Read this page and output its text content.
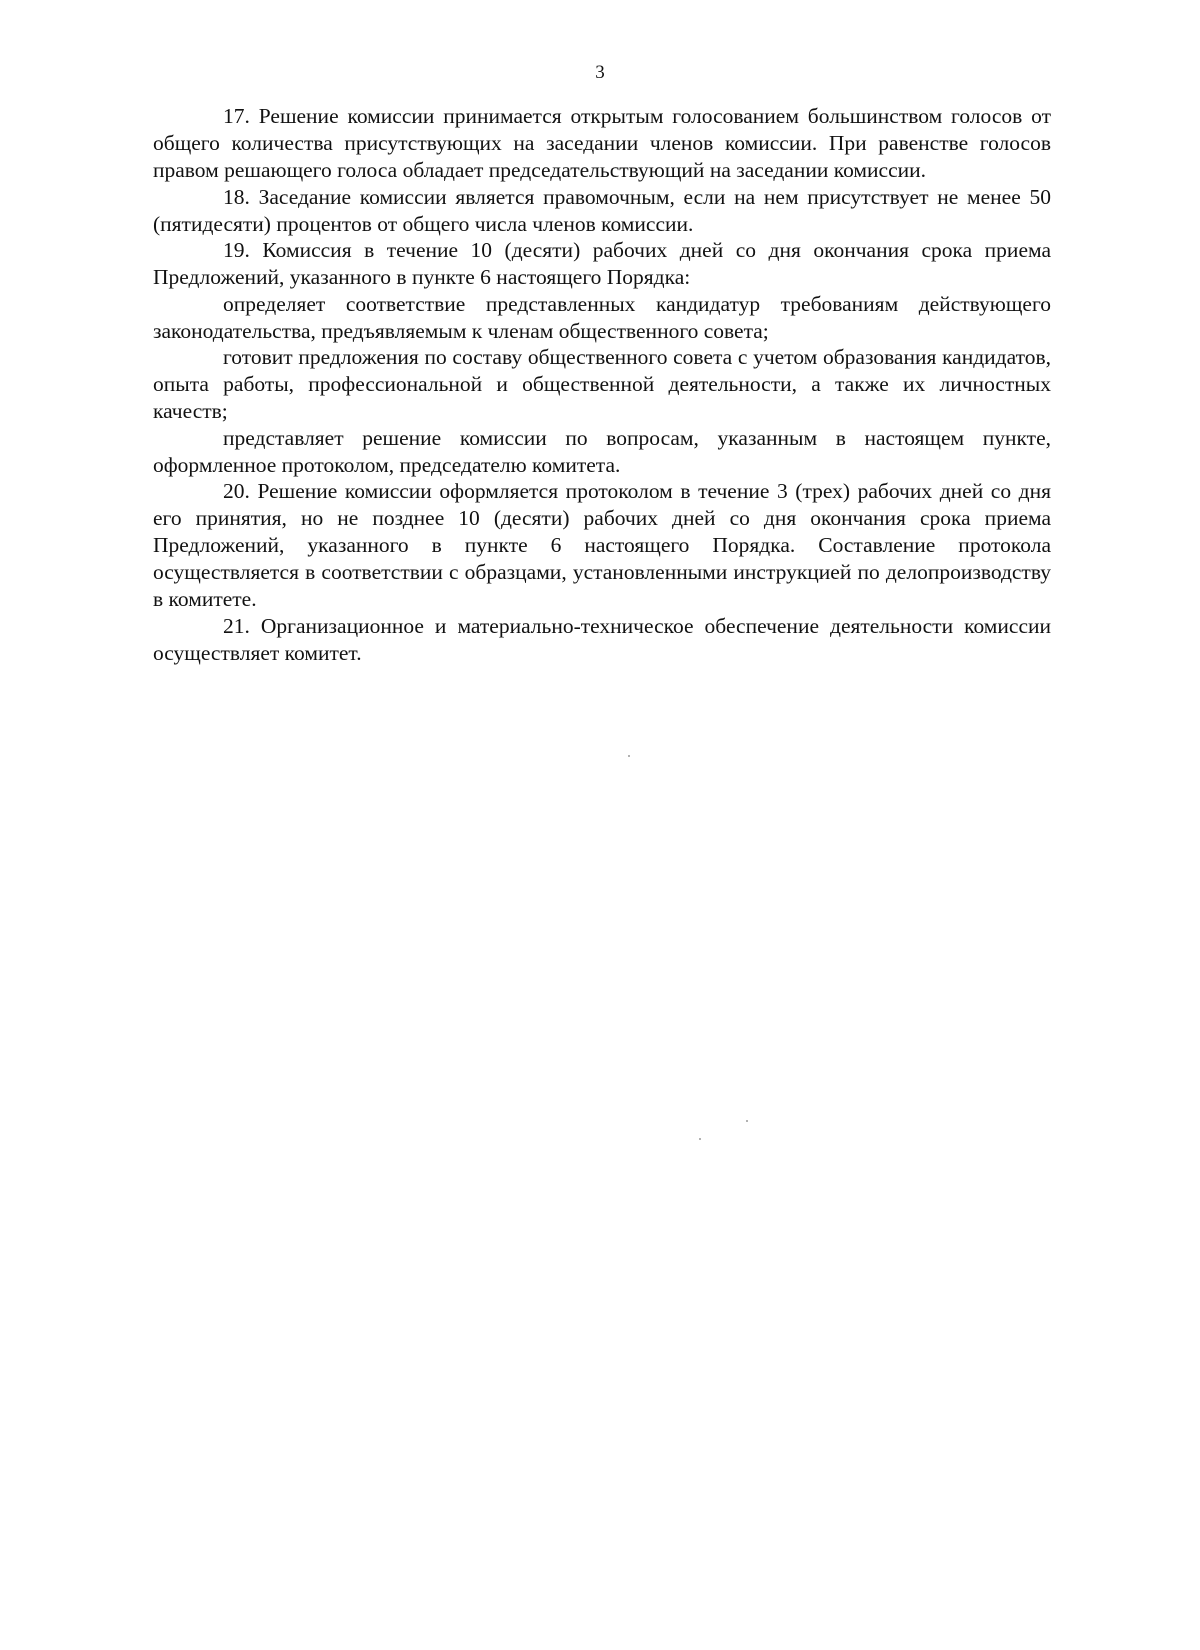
3

17. Решение комиссии принимается открытым голосованием большинством голосов от общего количества присутствующих на заседании членов комиссии. При равенстве голосов правом решающего голоса обладает председательствующий на заседании комиссии.

18. Заседание комиссии является правомочным, если на нем присутствует не менее 50 (пятидесяти) процентов от общего числа членов комиссии.

19. Комиссия в течение 10 (десяти) рабочих дней со дня окончания срока приема Предложений, указанного в пункте 6 настоящего Порядка:

определяет соответствие представленных кандидатур требованиям действующего законодательства, предъявляемым к членам общественного совета;

готовит предложения по составу общественного совета с учетом образования кандидатов, опыта работы, профессиональной и общественной деятельности, а также их личностных качеств;

представляет решение комиссии по вопросам, указанным в настоящем пункте, оформленное протоколом, председателю комитета.

20. Решение комиссии оформляется протоколом в течение 3 (трех) рабочих дней со дня его принятия, но не позднее 10 (десяти) рабочих дней со дня окончания срока приема Предложений, указанного в пункте 6 настоящего Порядка. Составление протокола осуществляется в соответствии с образцами, установленными инструкцией по делопроизводству в комитете.

21. Организационное и материально-техническое обеспечение деятельности комиссии осуществляет комитет.
